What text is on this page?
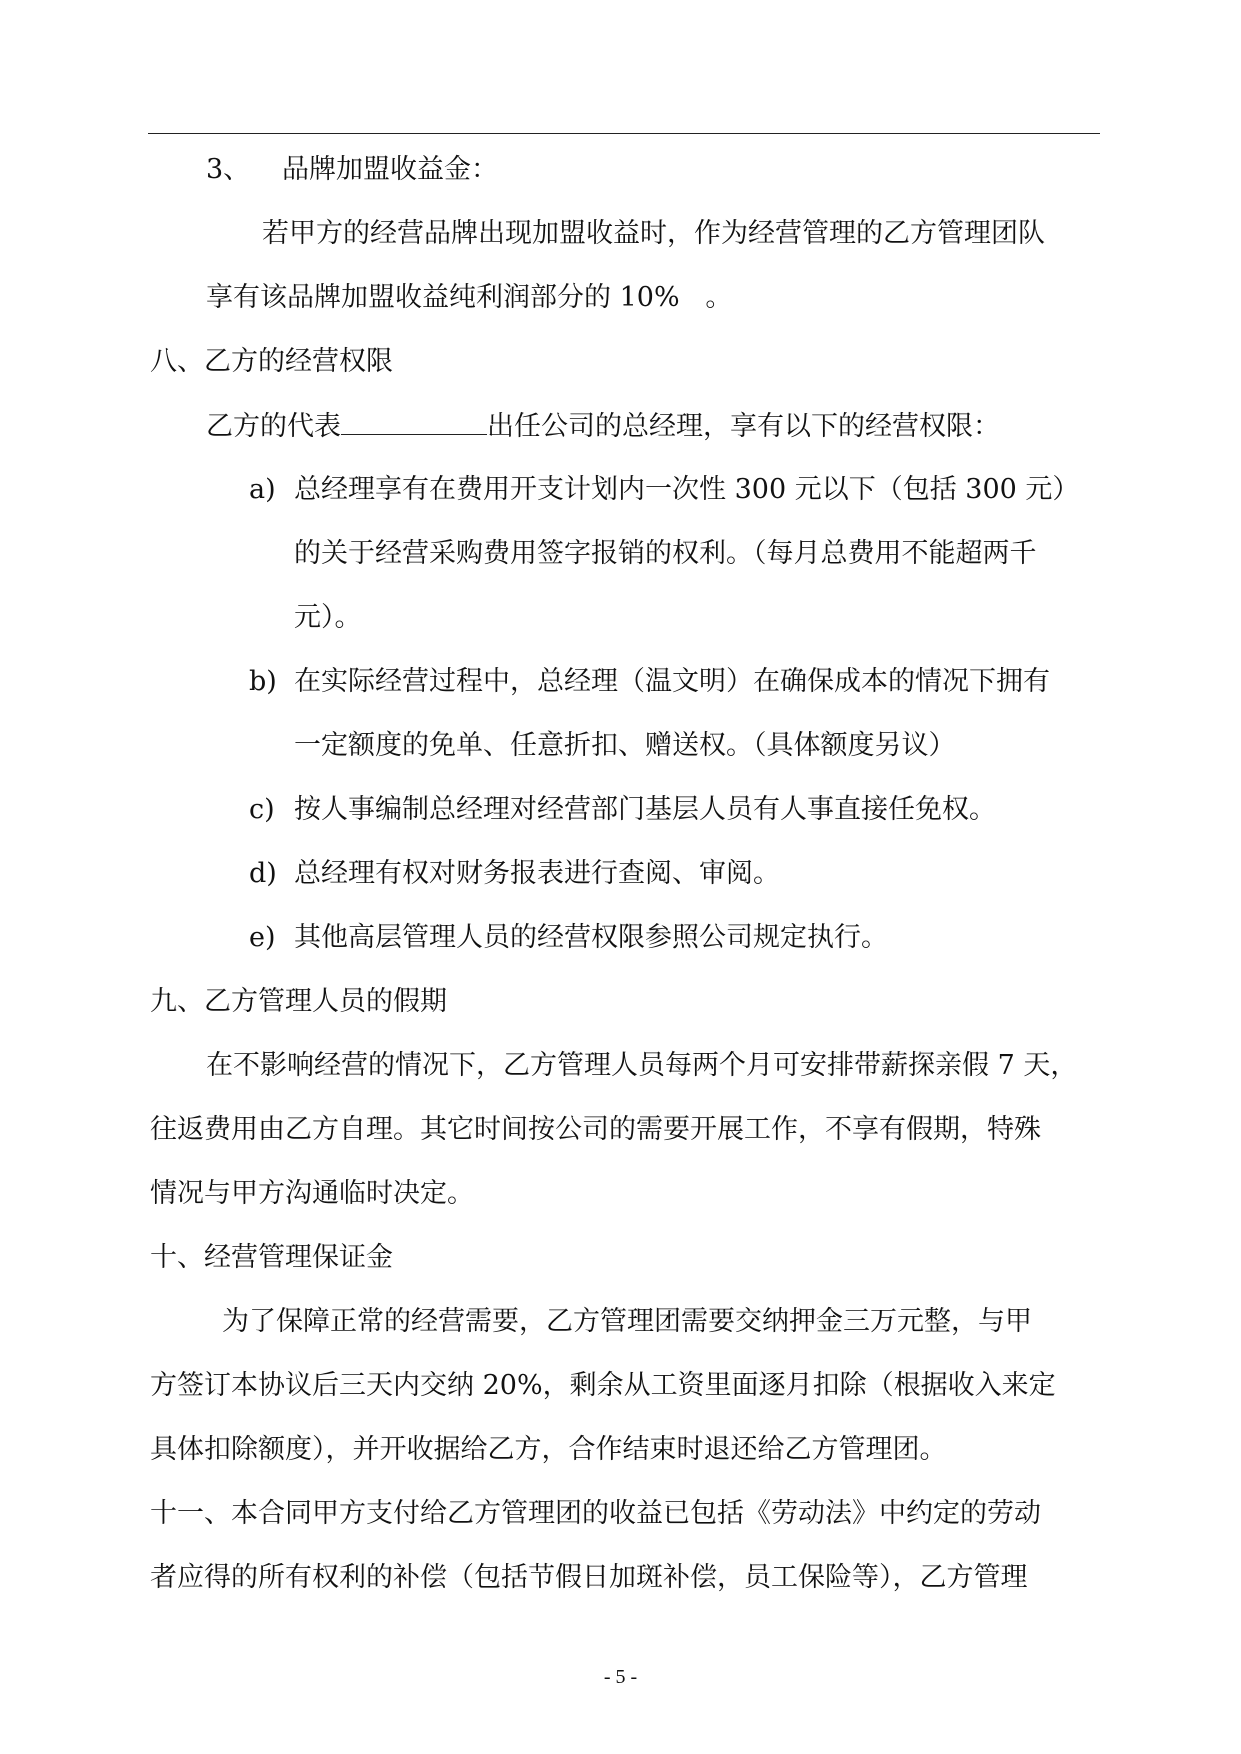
3、 品牌加盟收益金：
若甲方的经营品牌出现加盟收益时，作为经营管理的乙方管理团队
享有该品牌加盟收益纯利润部分的 10%   。
八、乙方的经营权限
乙方的代表	出任公司的总经理，享有以下的经营权限：
a) 总经理享有在费用开支计划内一次性 300 元以下（包括 300 元）
的关于经营采购费用签字报销的权利。（每月总费用不能超两千
元）。
b) 在实际经营过程中，总经理（温文明）在确保成本的情况下拥有
一定额度的免单、任意折扣、赠送权。（具体额度另议）
c) 按人事编制总经理对经营部门基层人员有人事直接任免权。
d) 总经理有权对财务报表进行查阅、审阅。
e) 其他高层管理人员的经营权限参照公司规定执行。
九、乙方管理人员的假期
在不影响经营的情况下，乙方管理人员每两个月可安排带薪探亲假 7 天，
往返费用由乙方自理。其它时间按公司的需要开展工作，不享有假期，特殊
情况与甲方沟通临时决定。
十、经营管理保证金
为了保障正常的经营需要，乙方管理团需要交纳押金三万元整，与甲
方签订本协议后三天内交纳 20%，剩余从工资里面逐月扣除（根据收入来定
具体扣除额度），并开收据给乙方，合作结束时退还给乙方管理团。
十一、本合同甲方支付给乙方管理团的收益已包括《劳动法》中约定的劳动
者应得的所有权利的补偿（包括节假日加斑补偿，员工保险等），乙方管理
- 5 -
